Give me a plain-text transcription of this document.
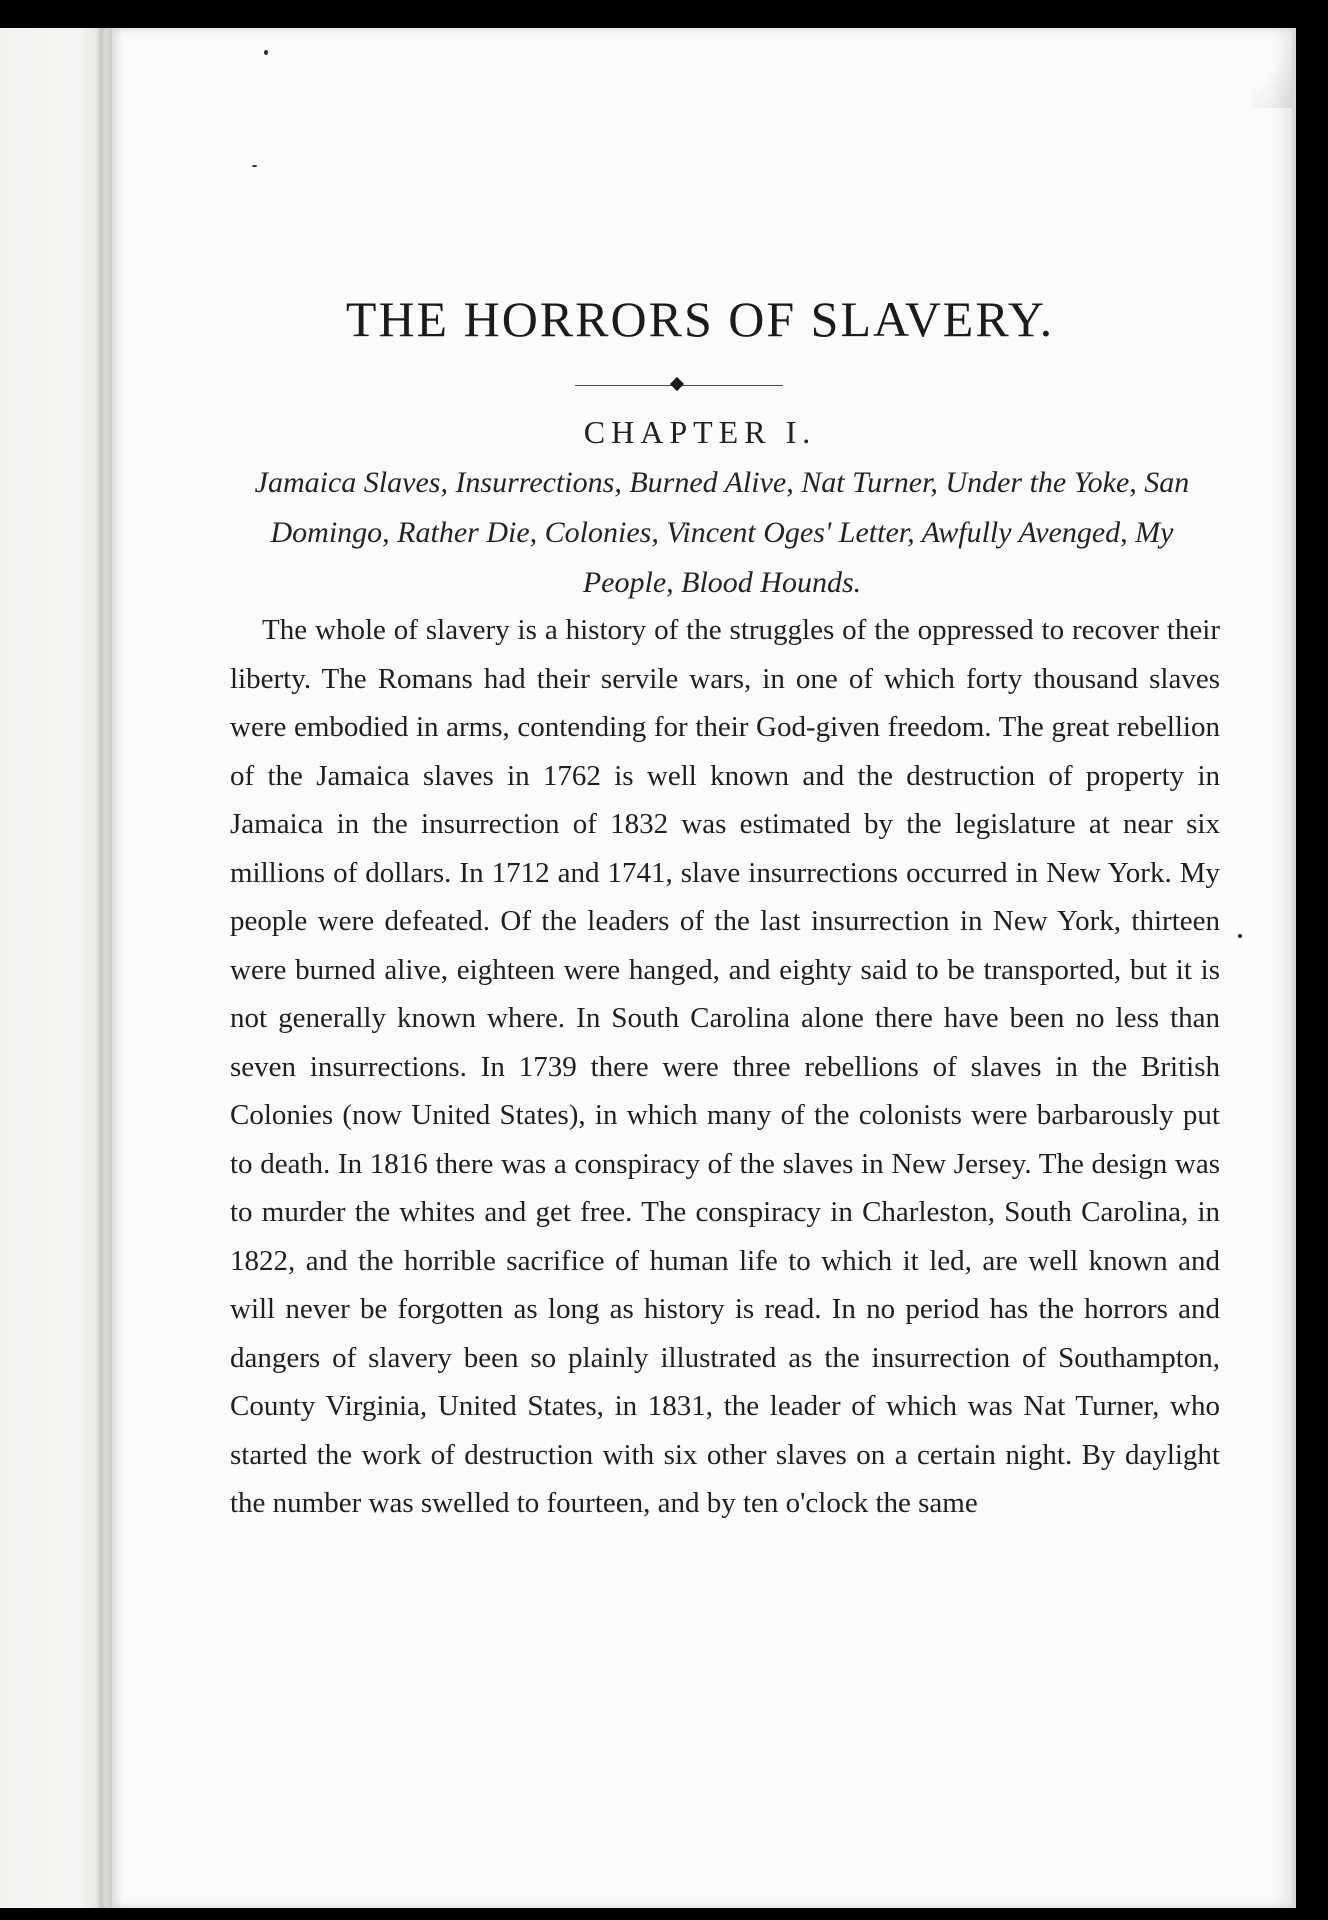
THE HORRORS OF SLAVERY.
CHAPTER I.
Jamaica Slaves, Insurrections, Burned Alive, Nat Turner, Under the Yoke, San Domingo, Rather Die, Colonies, Vincent Oges' Letter, Awfully Avenged, My People, Blood Hounds.

The whole of slavery is a history of the struggles of the oppressed to recover their liberty. The Romans had their servile wars, in one of which forty thousand slaves were embodied in arms, contending for their God-given freedom. The great rebellion of the Jamaica slaves in 1762 is well known and the destruction of property in Jamaica in the insurrection of 1832 was estimated by the legislature at near six millions of dollars. In 1712 and 1741, slave insurrections occurred in New York. My people were defeated. Of the leaders of the last insurrection in New York, thirteen were burned alive, eighteen were hanged, and eighty said to be transported, but it is not generally known where. In South Carolina alone there have been no less than seven insurrections. In 1739 there were three rebellions of slaves in the British Colonies (now United States), in which many of the colonists were barbarously put to death. In 1816 there was a conspiracy of the slaves in New Jersey. The design was to murder the whites and get free. The conspiracy in Charleston, South Carolina, in 1822, and the horrible sacrifice of human life to which it led, are well known and will never be forgotten as long as history is read. In no period has the horrors and dangers of slavery been so plainly illustrated as the insurrection of Southampton, County Virginia, United States, in 1831, the leader of which was Nat Turner, who started the work of destruction with six other slaves on a certain night. By daylight the number was swelled to fourteen, and by ten o'clock the same
